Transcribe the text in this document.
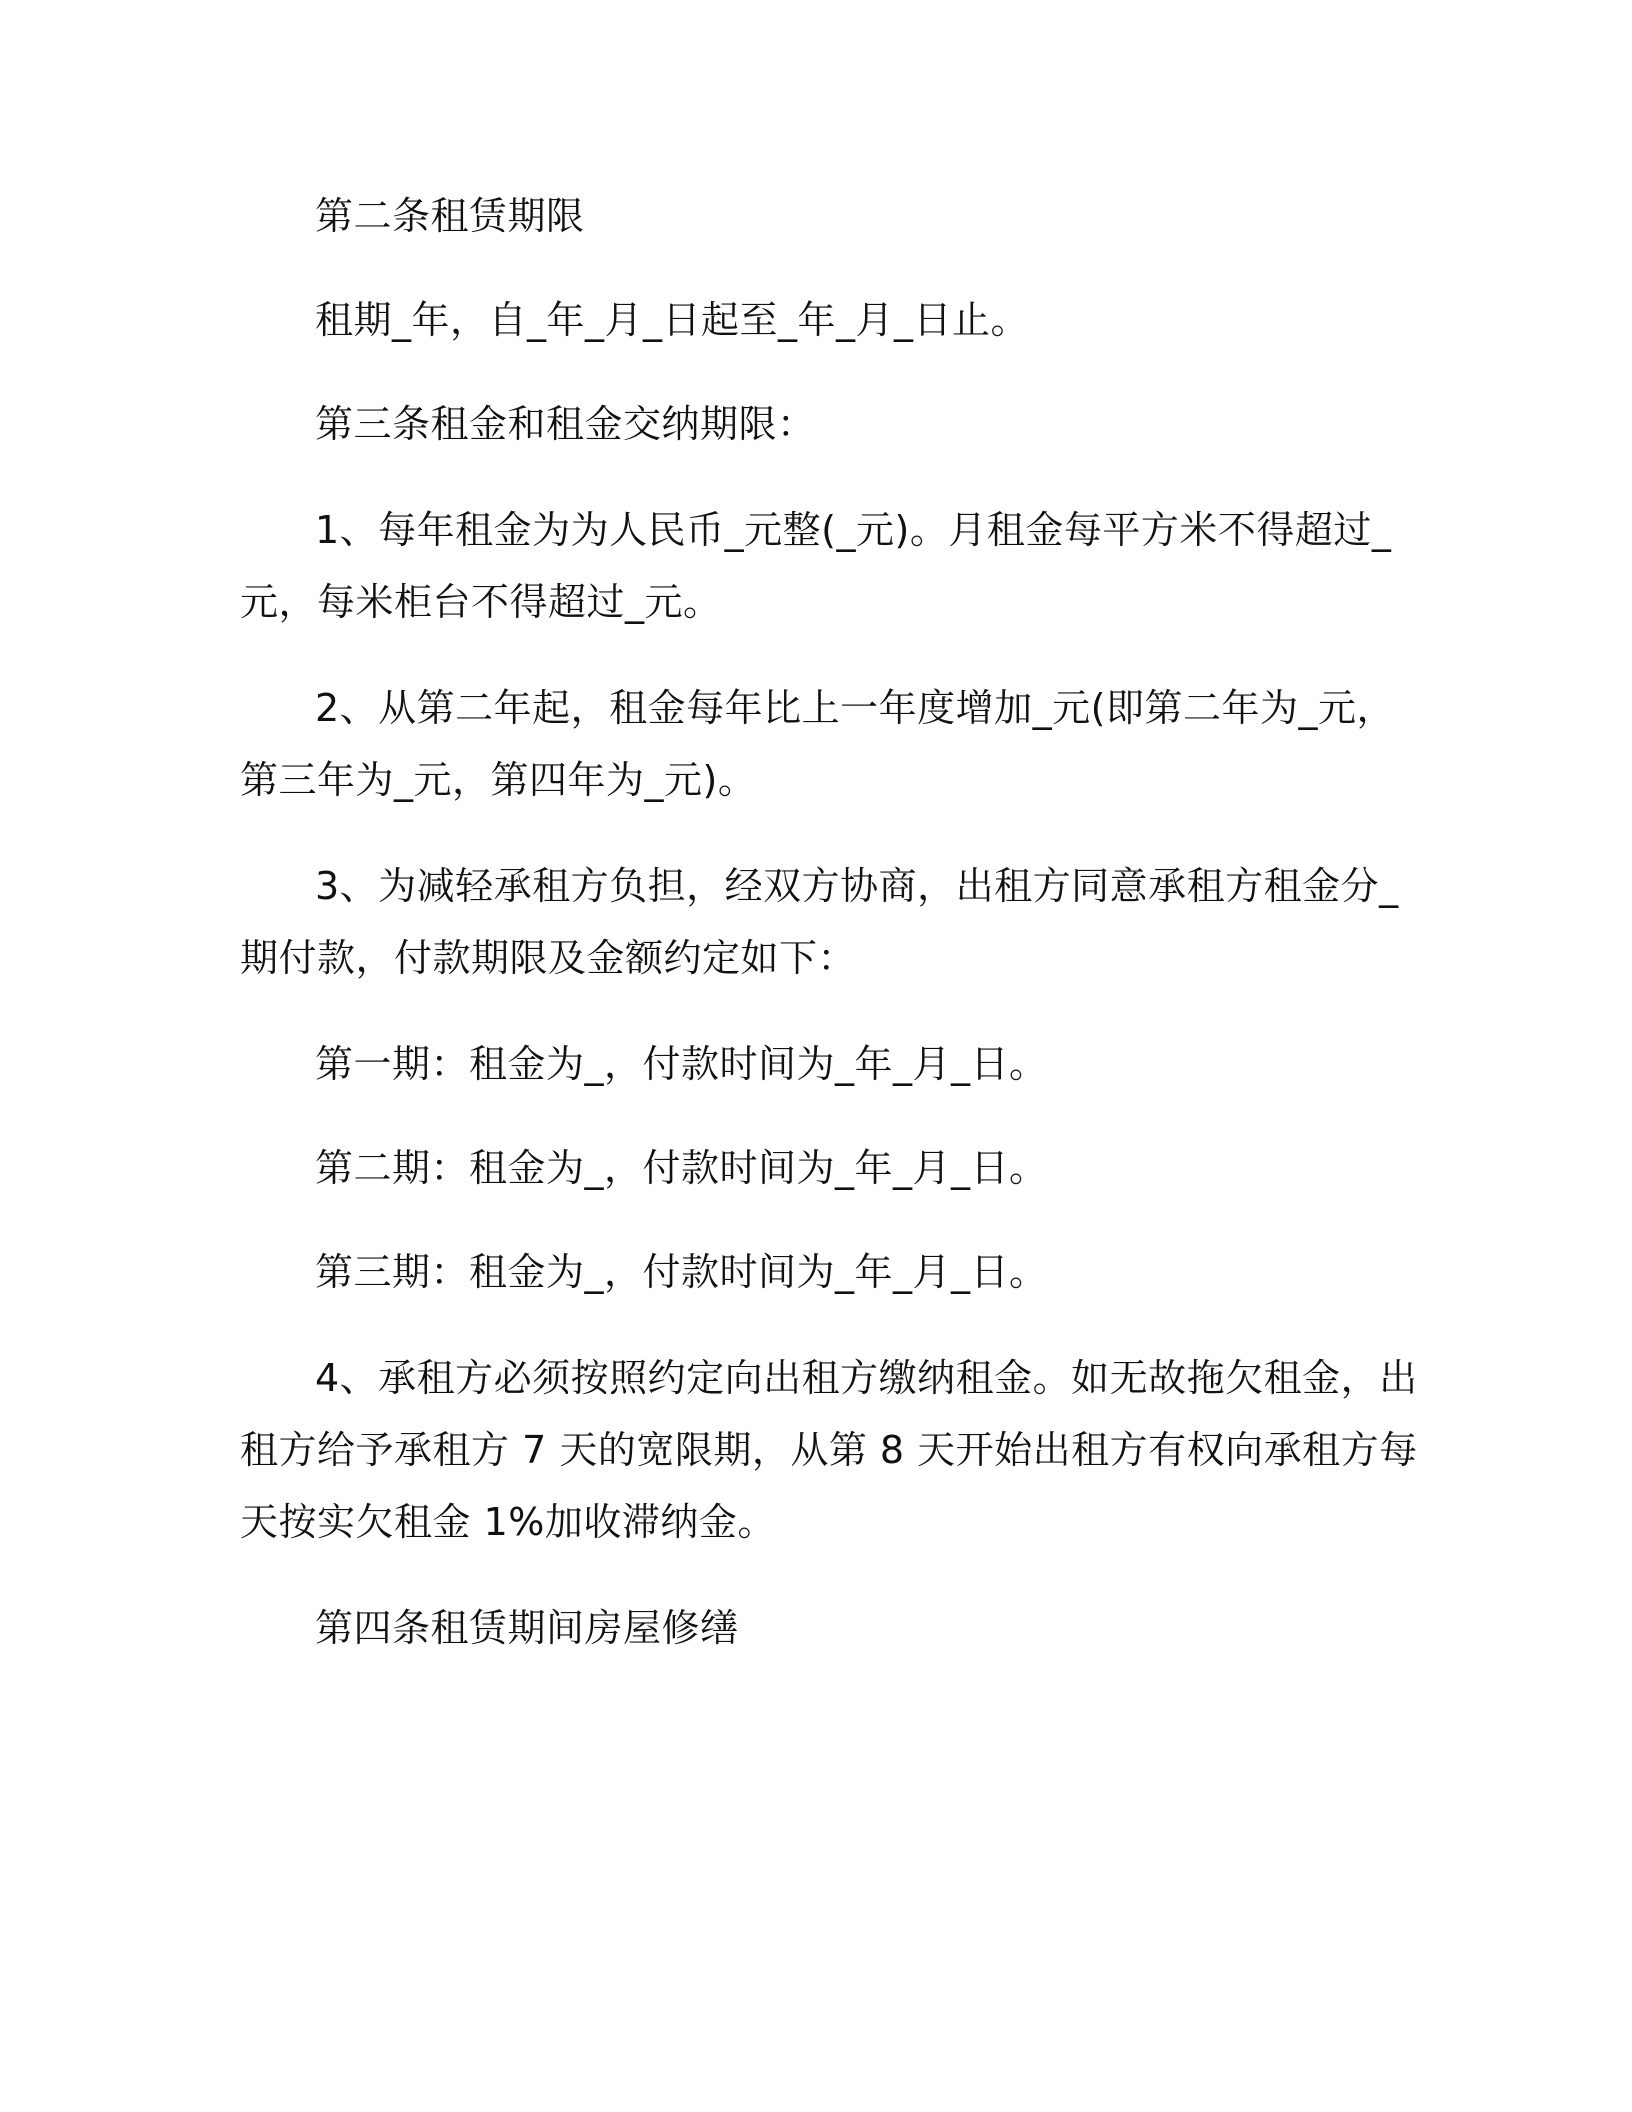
第二条租赁期限
租期_年，自_年_月_日起至_年_月_日止。
第三条租金和租金交纳期限：
1、每年租金为为人民币_元整(_元)。月租金每平方米不得超过_
元，每米柜台不得超过_元。
2、从第二年起，租金每年比上一年度增加_元(即第二年为_元，
第三年为_元，第四年为_元)。
3、为减轻承租方负担，经双方协商，出租方同意承租方租金分_
期付款，付款期限及金额约定如下：
第一期：租金为_，付款时间为_年_月_日。
第二期：租金为_，付款时间为_年_月_日。
第三期：租金为_，付款时间为_年_月_日。
4、承租方必须按照约定向出租方缴纳租金。如无故拖欠租金，出
租方给予承租方 7 天的宽限期，从第 8 天开始出租方有权向承租方每
天按实欠租金 1%加收滞纳金。
第四条租赁期间房屋修缮
